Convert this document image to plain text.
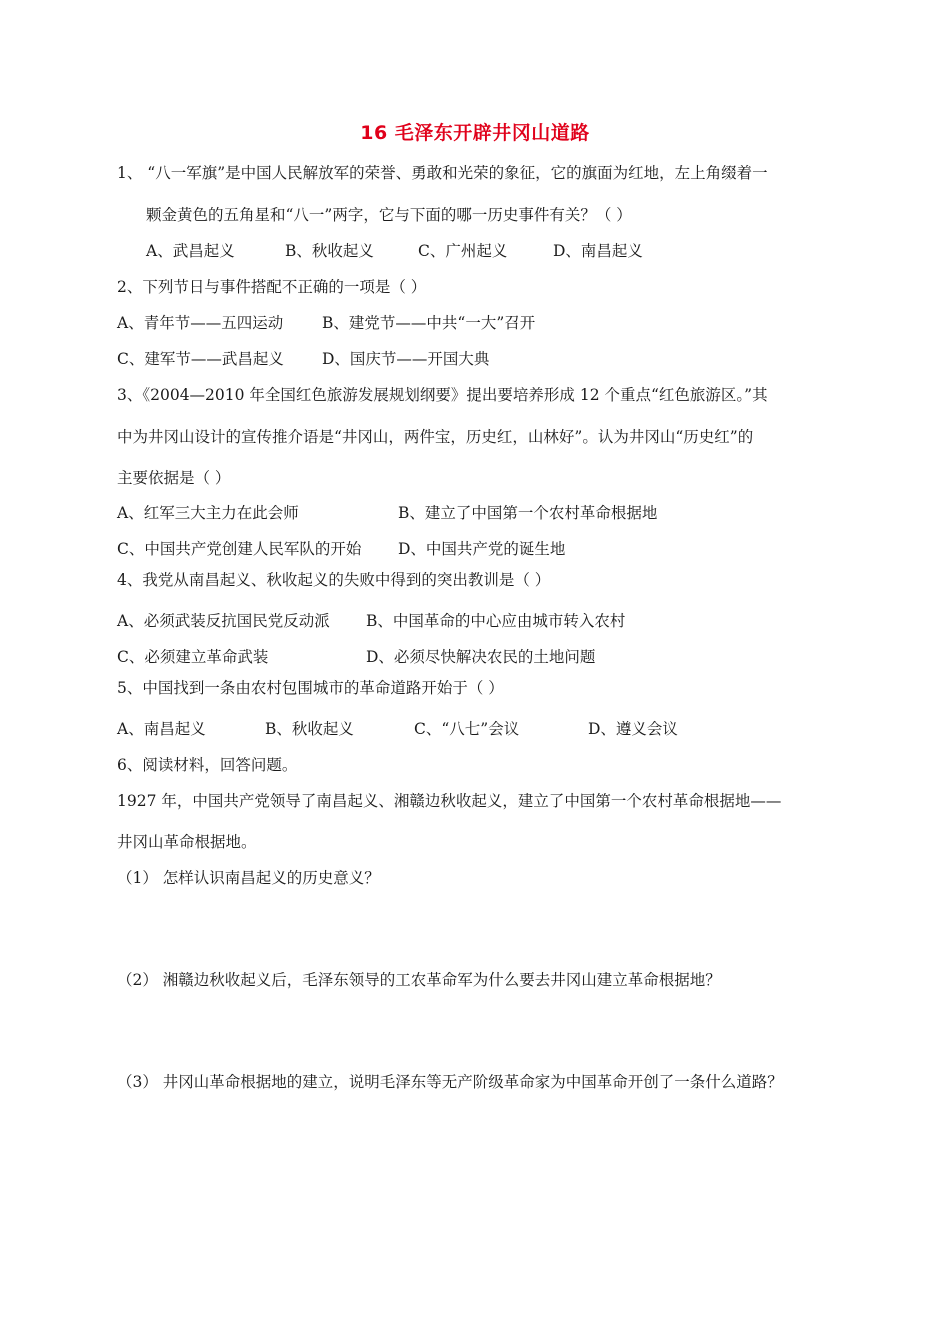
16 毛泽东开辟井冈山道路
1、 “八一军旗”是中国人民解放军的荣誉、勇敢和光荣的象征，它的旗面为红地，左上角缀着一
颗金黄色的五角星和“八一”两字，它与下面的哪一历史事件有关？（ ）
A、武昌起义	B、秋收起义	C、广州起义	D、南昌起义
2、下列节日与事件搭配不正确的一项是（ ）
A、青年节——五四运动	B、建党节——中共“一大”召开
C、建军节——武昌起义 D、国庆节——开国大典
3、《2004—2010 年全国红色旅游发展规划纲要》提出要培养形成 12 个重点“红色旅游区。”其
中为井冈山设计的宣传推介语是“井冈山，两件宝，历史红，山林好”。认为井冈山“历史红”的
主要依据是（ ）
A、红军三大主力在此会师	B、建立了中国第一个农村革命根据地
C、中国共产党创建人民军队的开始 D、中国共产党的诞生地
4、我党从南昌起义、秋收起义的失败中得到的突出教训是（ ）
A、必须武装反抗国民党反动派 B、中国革命的中心应由城市转入农村
C、必须建立革命武装	D、必须尽快解决农民的土地问题
5、中国找到一条由农村包围城市的革命道路开始于（ ）
A、南昌起义	B、秋收起义	C、“八七”会议	D、遵义会议
6、阅读材料，回答问题。
1927 年，中国共产党领导了南昌起义、湘赣边秋收起义，建立了中国第一个农村革命根据地——
井冈山革命根据地。
（1） 怎样认识南昌起义的历史意义？
（2） 湘赣边秋收起义后，毛泽东领导的工农革命军为什么要去井冈山建立革命根据地？
（3） 井冈山革命根据地的建立，说明毛泽东等无产阶级革命家为中国革命开创了一条什么道路？
